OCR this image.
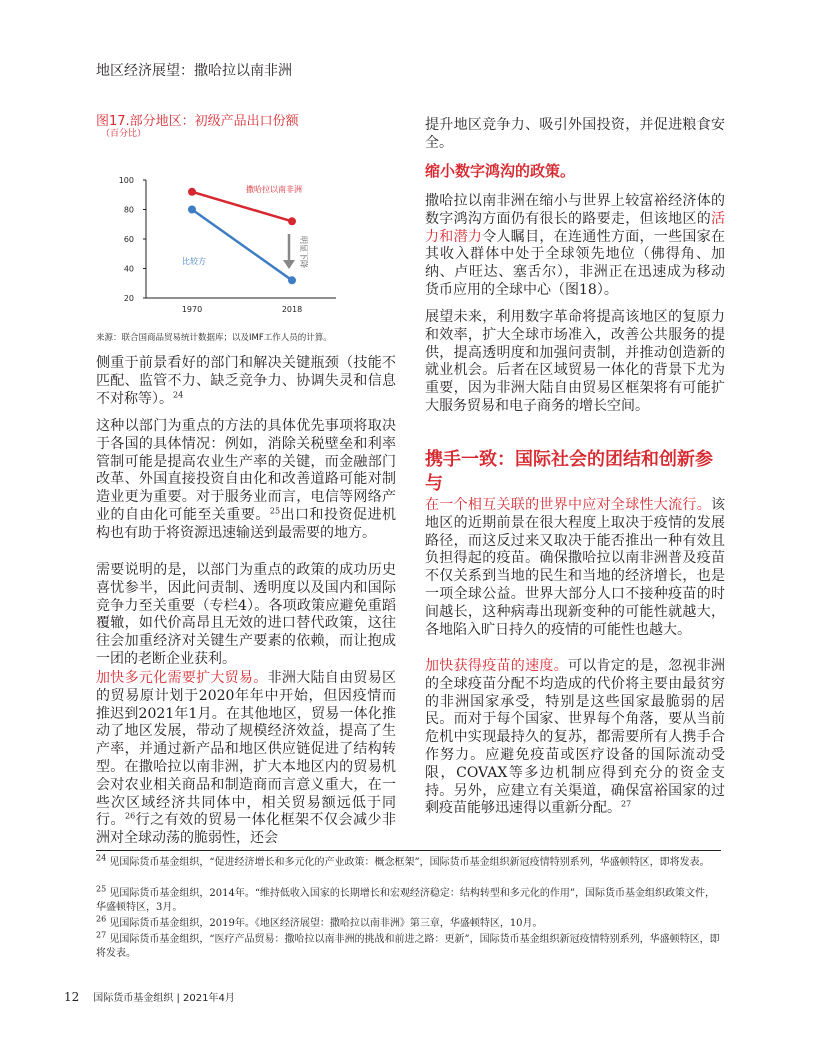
地区经济展望：撒哈拉以南非洲
图17.部分地区：初级产品出口份额
（百分比）
20
40
60
80
100
1970	2018
撒哈拉以南非洲
比较方	明显下降
来源：联合国商品贸易统计数据库；以及IMF工作人员的计算。

侧重于前景看好的部门和解决关键瓶颈（技能不匹配、监管不力、缺乏竞争力、协调失灵和信息不对称等）。$^{24}$

这种以部门为重点的方法的具体优先事项将取决于各国的具体情况：例如，消除关税壁垒和利率管制可能是提高农业生产率的关键，而金融部门改革、外国直接投资自由化和改善道路可能对制造业更为重要。对于服务业而言，电信等网络产业的自由化可能至关重要。$^{25}$出口和投资促进机构也有助于将资源迅速输送到最需要的地方。

需要说明的是，以部门为重点的政策的成功历史喜忧参半，因此问责制、透明度以及国内和国际竞争力至关重要（专栏4）。各项政策应避免重蹈覆辙，如代价高昂且无效的进口替代政策，这往往会加重经济对关键生产要素的依赖，而让抱成一团的老断企业获利。

加快多元化需要扩大贸易。非洲大陆自由贸易区的贸易原计划于2020年年中开始，但因疫情而推迟到2021年1月。在其他地区，贸易一体化推动了地区发展，带动了规模经济效益，提高了生产率，并通过新产品和地区供应链促进了结构转型。在撒哈拉以南非洲，扩大本地区内的贸易机会对农业相关商品和制造商而言意义重大，在一些次区域经济共同体中，相关贸易额远低于同行。$^{26}$行之有效的贸易一体化框架不仅会减少非洲对全球动荡的脆弱性，还会

提升地区竞争力、吸引外国投资，并促进粮食安全。

缩小数字鸿沟的政策。

撒哈拉以南非洲在缩小与世界上较富裕经济体的数字鸿沟方面仍有很长的路要走，但该地区的活力和潜力令人瞩目，在连通性方面，一些国家在其收入群体中处于全球领先地位（佛得角、加纳、卢旺达、塞舌尔），非洲正在迅速成为移动货币应用的全球中心（图18）。

展望未来，利用数字革命将提高该地区的复原力和效率，扩大全球市场准入，改善公共服务的提供，提高透明度和加强问责制，并推动创造新的就业机会。后者在区域贸易一体化的背景下尤为重要，因为非洲大陆自由贸易区框架将有可能扩大服务贸易和电子商务的增长空间。

携手一致：国际社会的团结和创新参与

在一个相互关联的世界中应对全球性大流行。该地区的近期前景在很大程度上取决于疫情的发展路径，而这反过来又取决于能否推出一种有效且负担得起的疫苗。确保撒哈拉以南非洲普及疫苗不仅关系到当地的民生和当地的经济增长，也是一项全球公益。世界大部分人口不接种疫苗的时间越长，这种病毒出现新变种的可能性就越大，各地陷入旷日持久的疫情的可能性也越大。

加快获得疫苗的速度。可以肯定的是，忽视非洲的全球疫苗分配不均造成的代价将主要由最贫穷的非洲国家承受，特别是这些国家最脆弱的居民。而对于每个国家、世界每个角落，要从当前危机中实现最持久的复苏，都需要所有人携手合作努力。应避免疫苗或医疗设备的国际流动受限，COVAX等多边机制应得到充分的资金支持。另外，应建立有关渠道，确保富裕国家的过剩疫苗能够迅速得以重新分配。$^{27}$

$^{24}$ 见国际货币基金组织，“促进经济增长和多元化的产业政策：概念框架”，国际货币基金组织新冠疫情特别系列，华盛顿特区，即将发表。
$^{25}$ 见国际货币基金组织，2014年。“维持低收入国家的长期增长和宏观经济稳定：结构转型和多元化的作用”，国际货币基金组织政策文件，华盛顿特区，3月。
$^{26}$ 见国际货币基金组织，2019年。《地区经济展望：撒哈拉以南非洲》第三章，华盛顿特区，10月。
$^{27}$ 见国际货币基金组织，“医疗产品贸易：撒哈拉以南非洲的挑战和前进之路：更新”，国际货币基金组织新冠疫情特别系列，华盛顿特区，即将发表。
12 国际货币基金组织 | 2021年4月
